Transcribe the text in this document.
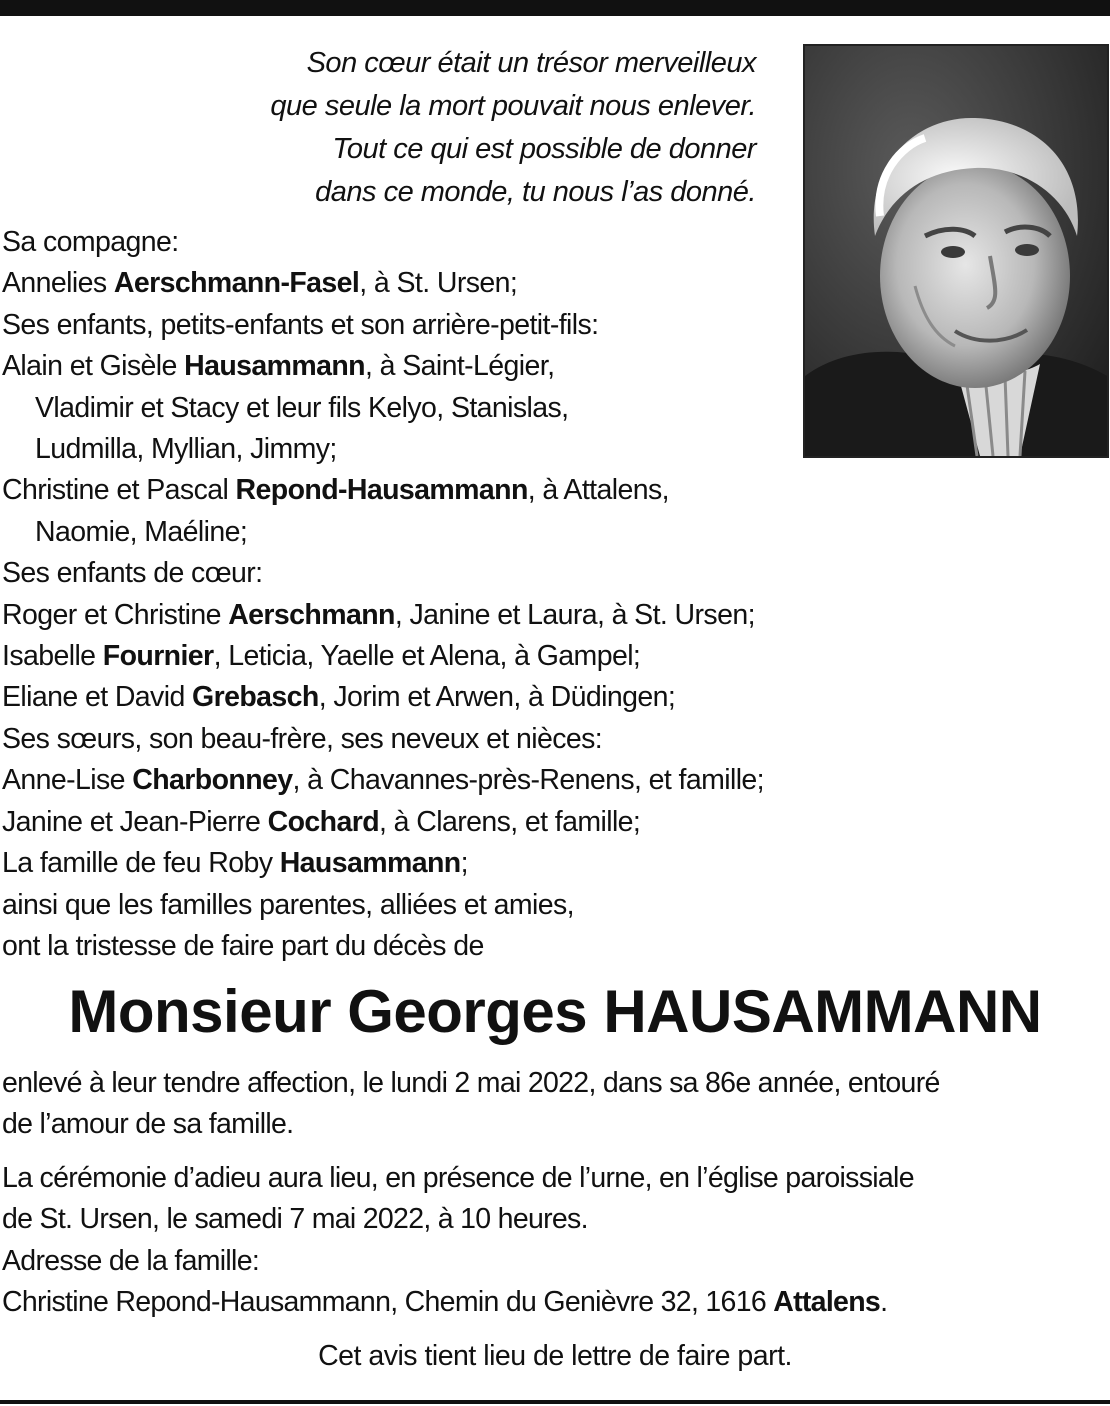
Son cœur était un trésor merveilleux
que seule la mort pouvait nous enlever.
Tout ce qui est possible de donner
dans ce monde, tu nous l’as donné.
Sa compagne:
Annelies Aerschmann-Fasel, à St. Ursen;
Ses enfants, petits-enfants et son arrière-petit-fils:
Alain et Gisèle Hausammann, à Saint-Légier,
Vladimir et Stacy et leur fils Kelyo, Stanislas,
Ludmilla, Myllian, Jimmy;
Christine et Pascal Repond-Hausammann, à Attalens,
Naomie, Maéline;
Ses enfants de cœur:
Roger et Christine Aerschmann, Janine et Laura, à St. Ursen;
Isabelle Fournier, Leticia, Yaelle et Alena, à Gampel;
Eliane et David Grebasch, Jorim et Arwen, à Düdingen;
Ses sœurs, son beau-frère, ses neveux et nièces:
Anne-Lise Charbonney, à Chavannes-près-Renens, et famille;
Janine et Jean-Pierre Cochard, à Clarens, et famille;
La famille de feu Roby Hausammann;
ainsi que les familles parentes, alliées et amies,
ont la tristesse de faire part du décès de
Monsieur Georges HAUSAMMANN
enlevé à leur tendre affection, le lundi 2 mai 2022, dans sa 86e année, entouré
de l’amour de sa famille.
La cérémonie d’adieu aura lieu, en présence de l’urne, en l’église paroissiale
de St. Ursen, le samedi 7 mai 2022, à 10 heures.
Adresse de la famille:
Christine Repond-Hausammann, Chemin du Genièvre 32, 1616 Attalens.
Cet avis tient lieu de lettre de faire part.
